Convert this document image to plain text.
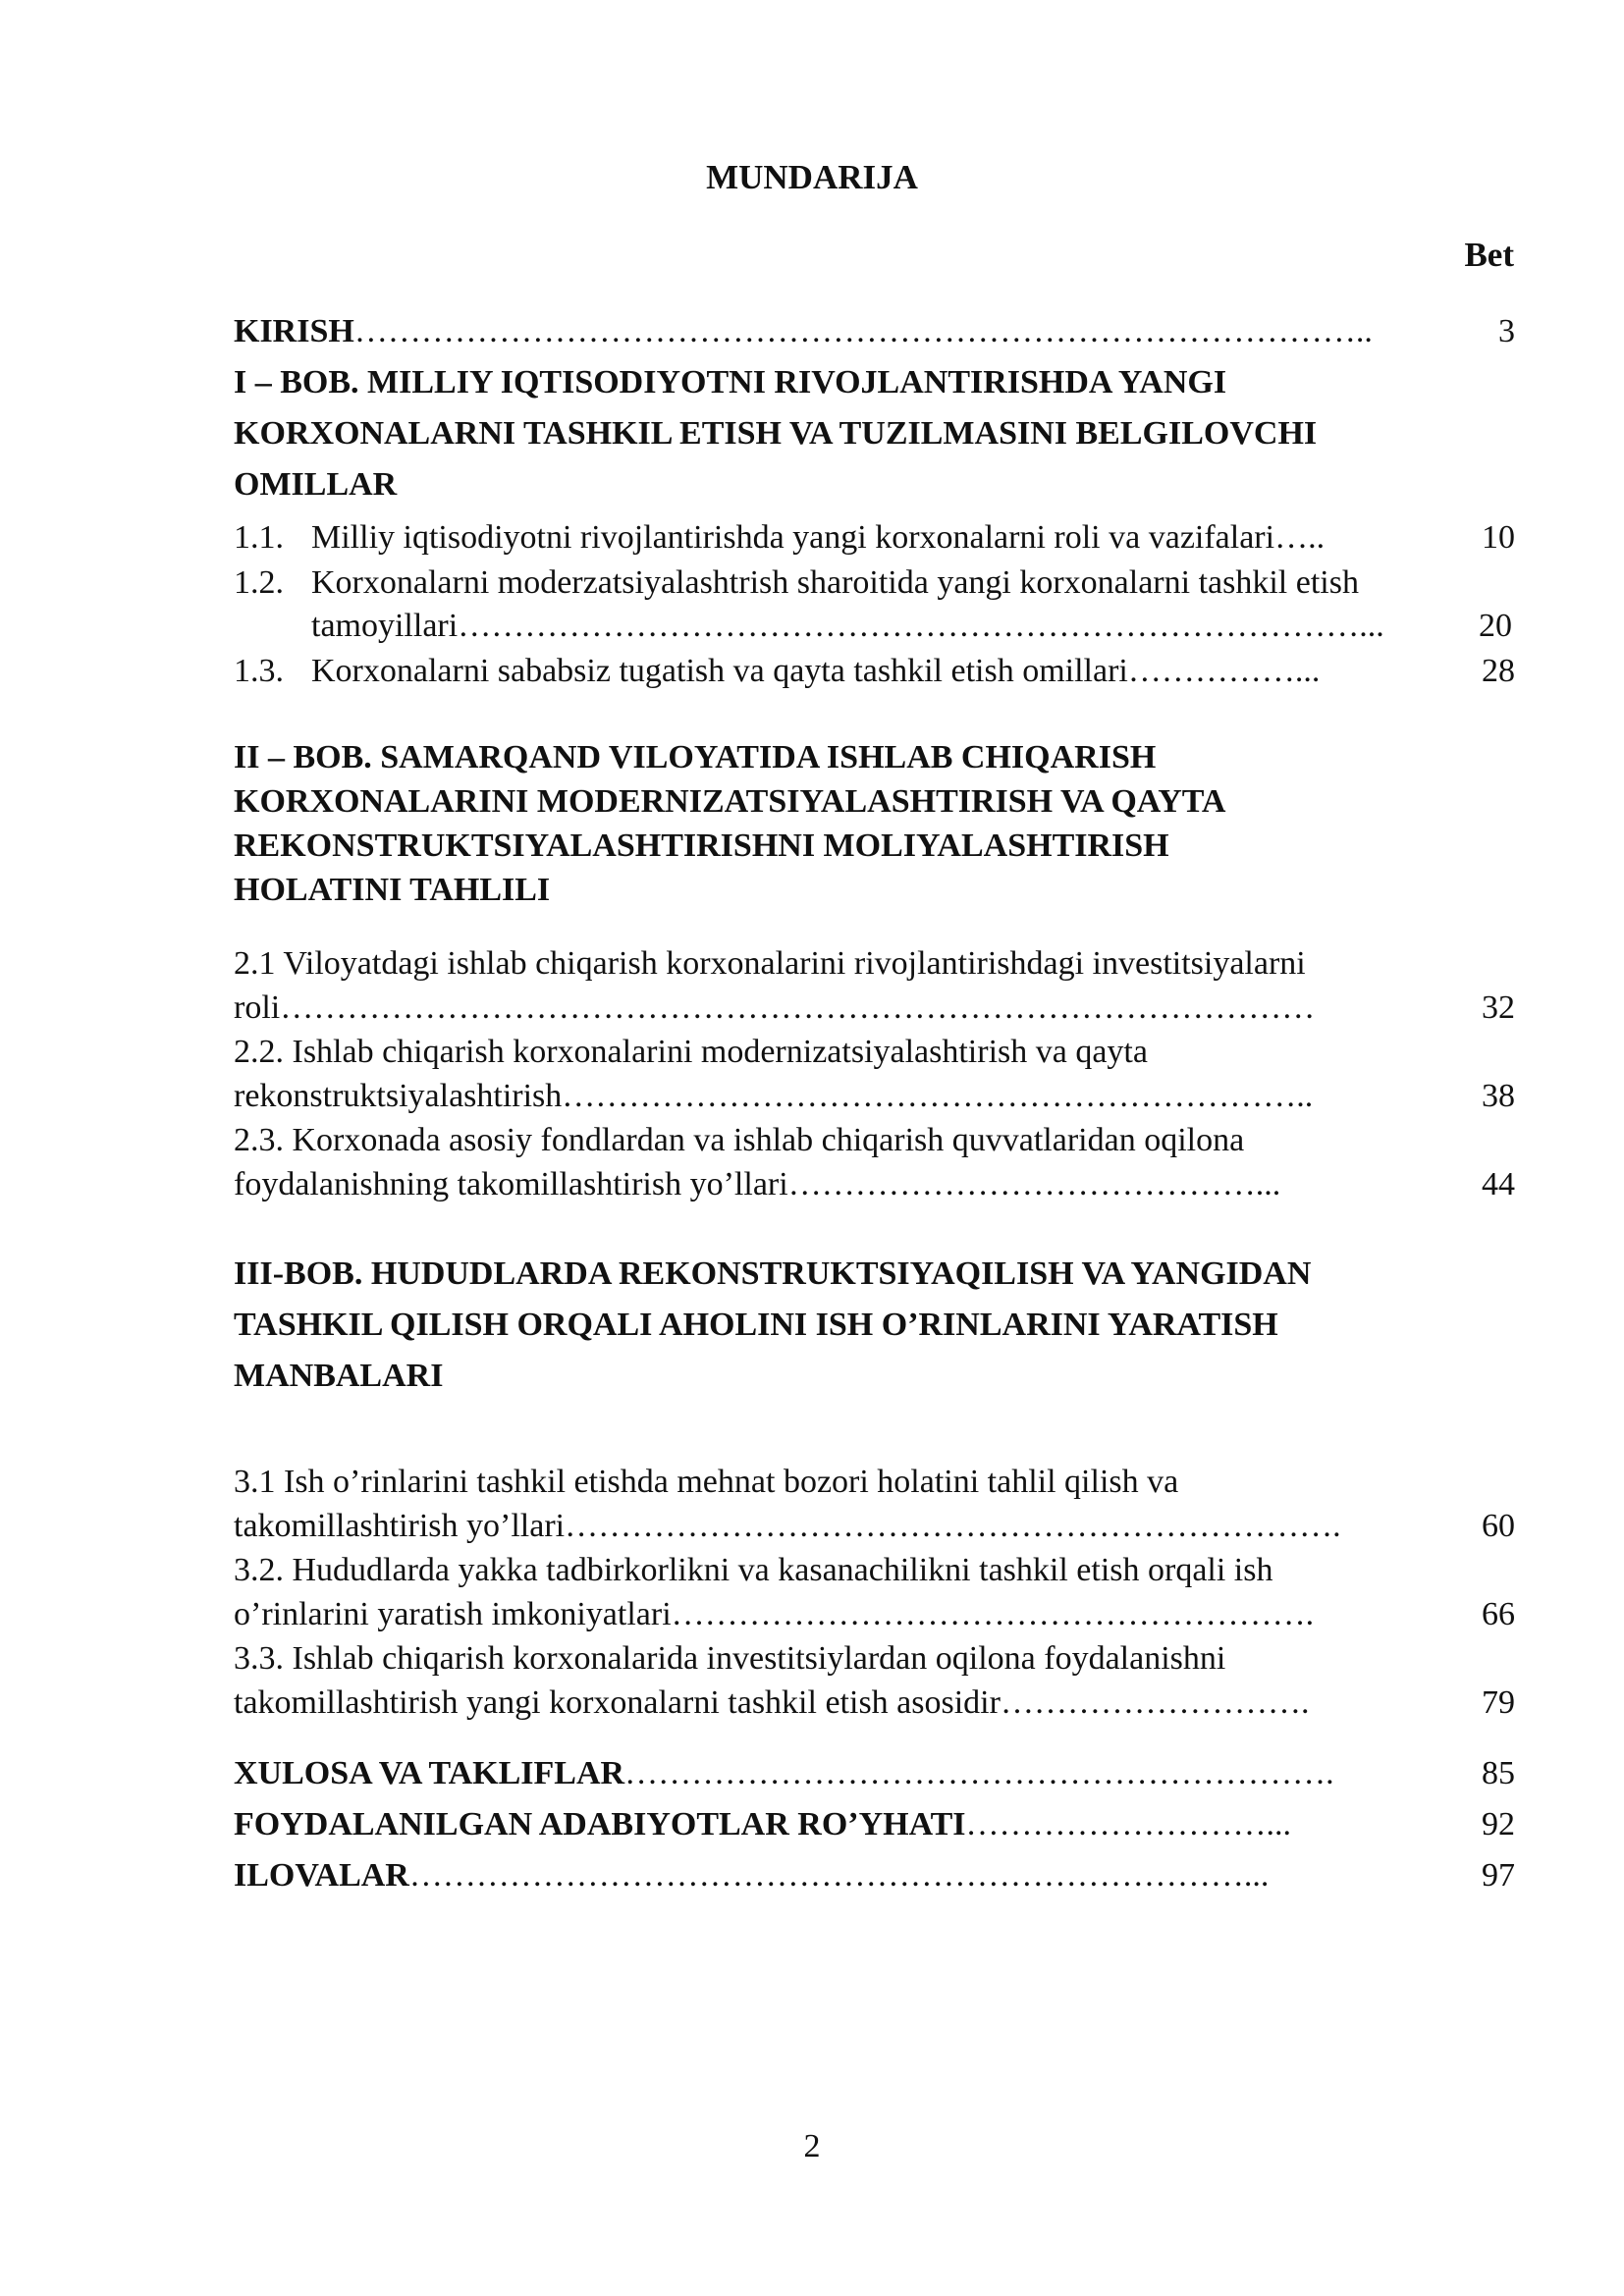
MUNDARIJA
Bet
KIRISH ………………………………………………………………………………..	3
I – BOB. MILLIY IQTISODIYOTNI RIVOJLANTIRISHDA YANGI
KORXONALARNI TASHKIL ETISH VA TUZILMASINI BELGILOVCHI
OMILLAR
1.1. Milliy iqtisodiyotni rivojlantirishda yangi korxonalarni roli va vazifalari…..	10
1.2. Korxonalarni moderzatsiyalashtrish sharoitida yangi korxonalarni tashkil etish
tamoyillari ………………………………………………………………………...	20
1.3. Korxonalarni sababsiz tugatish va qayta tashkil etish omillari ……………...	28
II – BOB. SAMARQAND VILOYATIDA ISHLAB CHIQARISH
KORXONALARINI MODERNIZATSIYALASHTIRISH VA QAYTA
REKONSTRUKTSIYALASHTIRISHNI MOLIYALASHTIRISH
HOLATINI TAHLILI
2.1 Viloyatdagi ishlab chiqarish korxonalarini rivojlantirishdagi investitsiyalarni
roli …………………………………………………………………………………	32
2.2. Ishlab chiqarish korxonalarini modernizatsiyalashtirish va qayta
rekonstruktsiyalashtirish …………………………………………………………..	38
2.3. Korxonada asosiy fondlardan va ishlab chiqarish quvvatlaridan oqilona
foydalanishning takomillashtirish yo’llari ……………………………………...	44
III-BOB. HUDUDLARDA REKONSTRUKTSIYAQILISH VA YANGIDAN
TASHKIL QILISH ORQALI AHOLINI ISH O’RINLARINI YARATISH
MANBALARI
3.1 Ish o’rinlarini tashkil etishda mehnat bozori holatini tahlil qilish va
takomillashtirish yo’llari …………………………………………………………….	60
3.2. Hududlarda yakka tadbirkorlikni va kasanachilikni tashkil etish orqali ish
o’rinlarini yaratish imkoniyatlari ………………………………………………….	66
3.3. Ishlab chiqarish korxonalarida investitsiylardan oqilona foydalanishni
takomillashtirish yangi korxonalarni tashkil etish asosidir ……………………….	79
XULOSA VA TAKLIFLAR ……………………………………………………….	85
FOYDALANILGAN ADABIYOTLAR RO’YHATI ………………………...	92
ILOVALAR …………………………………………………………………...	97
2
